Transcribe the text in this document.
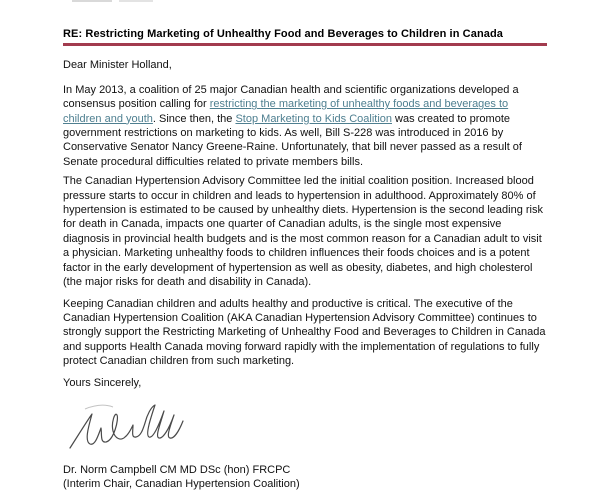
RE: Restricting Marketing of Unhealthy Food and Beverages to Children in Canada

Dear Minister Holland,

In May 2013, a coalition of 25 major Canadian health and scientific organizations developed a consensus position calling for restricting the marketing of unhealthy foods and beverages to children and youth. Since then, the Stop Marketing to Kids Coalition was created to promote government restrictions on marketing to kids. As well, Bill S-228 was introduced in 2016 by Conservative Senator Nancy Greene-Raine. Unfortunately, that bill never passed as a result of Senate procedural difficulties related to private members bills.

The Canadian Hypertension Advisory Committee led the initial coalition position. Increased blood pressure starts to occur in children and leads to hypertension in adulthood. Approximately 80% of hypertension is estimated to be caused by unhealthy diets. Hypertension is the second leading risk for death in Canada, impacts one quarter of Canadian adults, is the single most expensive diagnosis in provincial health budgets and is the most common reason for a Canadian adult to visit a physician. Marketing unhealthy foods to children influences their foods choices and is a potent factor in the early development of hypertension as well as obesity, diabetes, and high cholesterol (the major risks for death and disability in Canada).

Keeping Canadian children and adults healthy and productive is critical. The executive of the Canadian Hypertension Coalition (AKA Canadian Hypertension Advisory Committee) continues to strongly support the Restricting Marketing of Unhealthy Food and Beverages to Children in Canada and supports Health Canada moving forward rapidly with the implementation of regulations to fully protect Canadian children from such marketing.

Yours Sincerely,

Dr. Norm Campbell CM MD DSc (hon) FRCPC

(Interim Chair, Canadian Hypertension Coalition)
